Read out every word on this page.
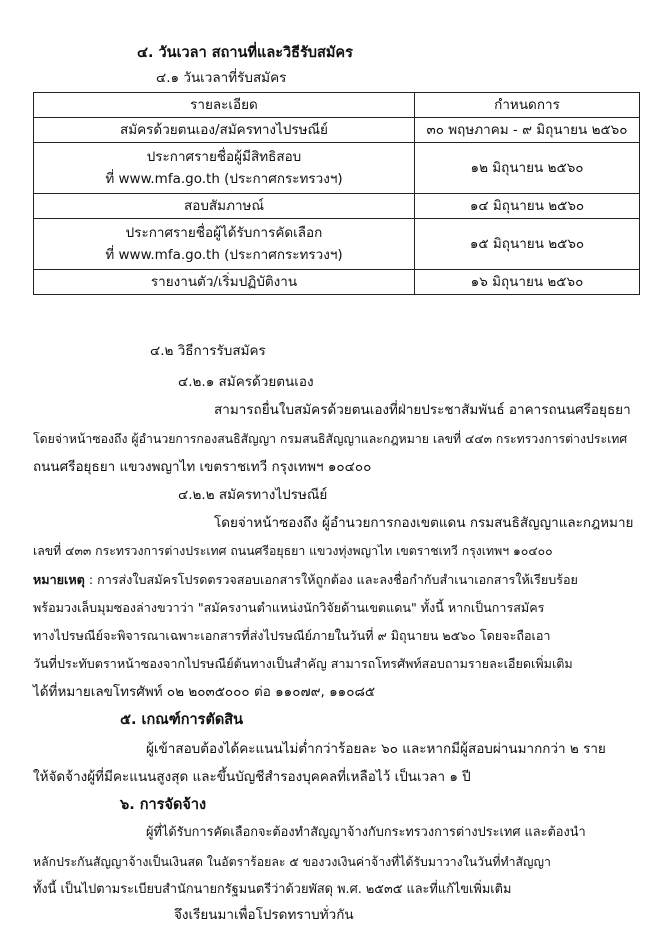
๔. วันเวลา สถานที่และวิธีรับสมัคร
๔.๑ วันเวลาที่รับสมัคร
รายละเอียด	กำหนดการ
สมัครด้วยตนเอง/สมัครทางไปรษณีย์	๓๐ พฤษภาคม - ๙ มิถุนายน ๒๕๖๐

ประกาศรายชื่อผู้มีสิทธิสอบ
ที่ www.mfa.go.th (ประกาศกระทรวงฯ)	๑๒ มิถุนายน ๒๕๖๐
สอบสัมภาษณ์	๑๔ มิถุนายน ๒๕๖๐

ประกาศรายชื่อผู้ได้รับการคัดเลือก
ที่ www.mfa.go.th (ประกาศกระทรวงฯ)	๑๕ มิถุนายน ๒๕๖๐
รายงานตัว/เริ่มปฏิบัติงาน	๑๖ มิถุนายน ๒๕๖๐
๔.๒ วิธีการรับสมัคร
๔.๒.๑ สมัครด้วยตนเอง
สามารถยื่นใบสมัครด้วยตนเองที่ฝ่ายประชาสัมพันธ์ อาคารถนนศรีอยุธยา
โดยจ่าหน้าซองถึง ผู้อำนวยการกองสนธิสัญญา กรมสนธิสัญญาและกฎหมาย เลขที่ ๔๔๓ กระทรวงการต่างประเทศ
ถนนศรีอยุธยา แขวงพญาไท เขตราชเทวี กรุงเทพฯ ๑๐๔๐๐
๔.๒.๒ สมัครทางไปรษณีย์
โดยจ่าหน้าซองถึง ผู้อำนวยการกองเขตแดน กรมสนธิสัญญาและกฎหมาย
เลขที่ ๔๓๓ กระทรวงการต่างประเทศ ถนนศรีอยุธยา แขวงทุ่งพญาไท เขตราชเทวี กรุงเทพฯ ๑๐๔๐๐
หมายเหตุ : การส่งใบสมัครโปรดตรวจสอบเอกสารให้ถูกต้อง และลงชื่อกำกับสำเนาเอกสารให้เรียบร้อย
พร้อมวงเล็บมุมซองล่างขวาว่า "สมัครงานตำแหน่งนักวิจัยด้านเขตแดน" ทั้งนี้ หากเป็นการสมัคร
ทางไปรษณีย์จะพิจารณาเฉพาะเอกสารที่ส่งไปรษณีย์ภายในวันที่ ๙ มิถุนายน ๒๕๖๐ โดยจะถือเอา
วันที่ประทับตราหน้าซองจากไปรษณีย์ต้นทางเป็นสำคัญ สามารถโทรศัพท์สอบถามรายละเอียดเพิ่มเติม
ได้ที่หมายเลขโทรศัพท์ ๐๒ ๒๐๓๕๐๐๐ ต่อ ๑๑๐๗๙, ๑๑๐๘๕
๕. เกณฑ์การตัดสิน
ผู้เข้าสอบต้องได้คะแนนไม่ต่ำกว่าร้อยละ ๖๐ และหากมีผู้สอบผ่านมากกว่า ๒ ราย
ให้จัดจ้างผู้ที่มีคะแนนสูงสุด และขึ้นบัญชีสำรองบุคคลที่เหลือไว้ เป็นเวลา ๑ ปี
๖. การจัดจ้าง
ผู้ที่ได้รับการคัดเลือกจะต้องทำสัญญาจ้างกับกระทรวงการต่างประเทศ และต้องนำ
หลักประกันสัญญาจ้างเป็นเงินสด ในอัตราร้อยละ ๕ ของวงเงินค่าจ้างที่ได้รับมาวางในวันที่ทำสัญญา
ทั้งนี้ เป็นไปตามระเบียบสำนักนายกรัฐมนตรีว่าด้วยพัสดุ พ.ศ. ๒๕๓๕ และที่แก้ไขเพิ่มเติม
จึงเรียนมาเพื่อโปรดทราบทั่วกัน
